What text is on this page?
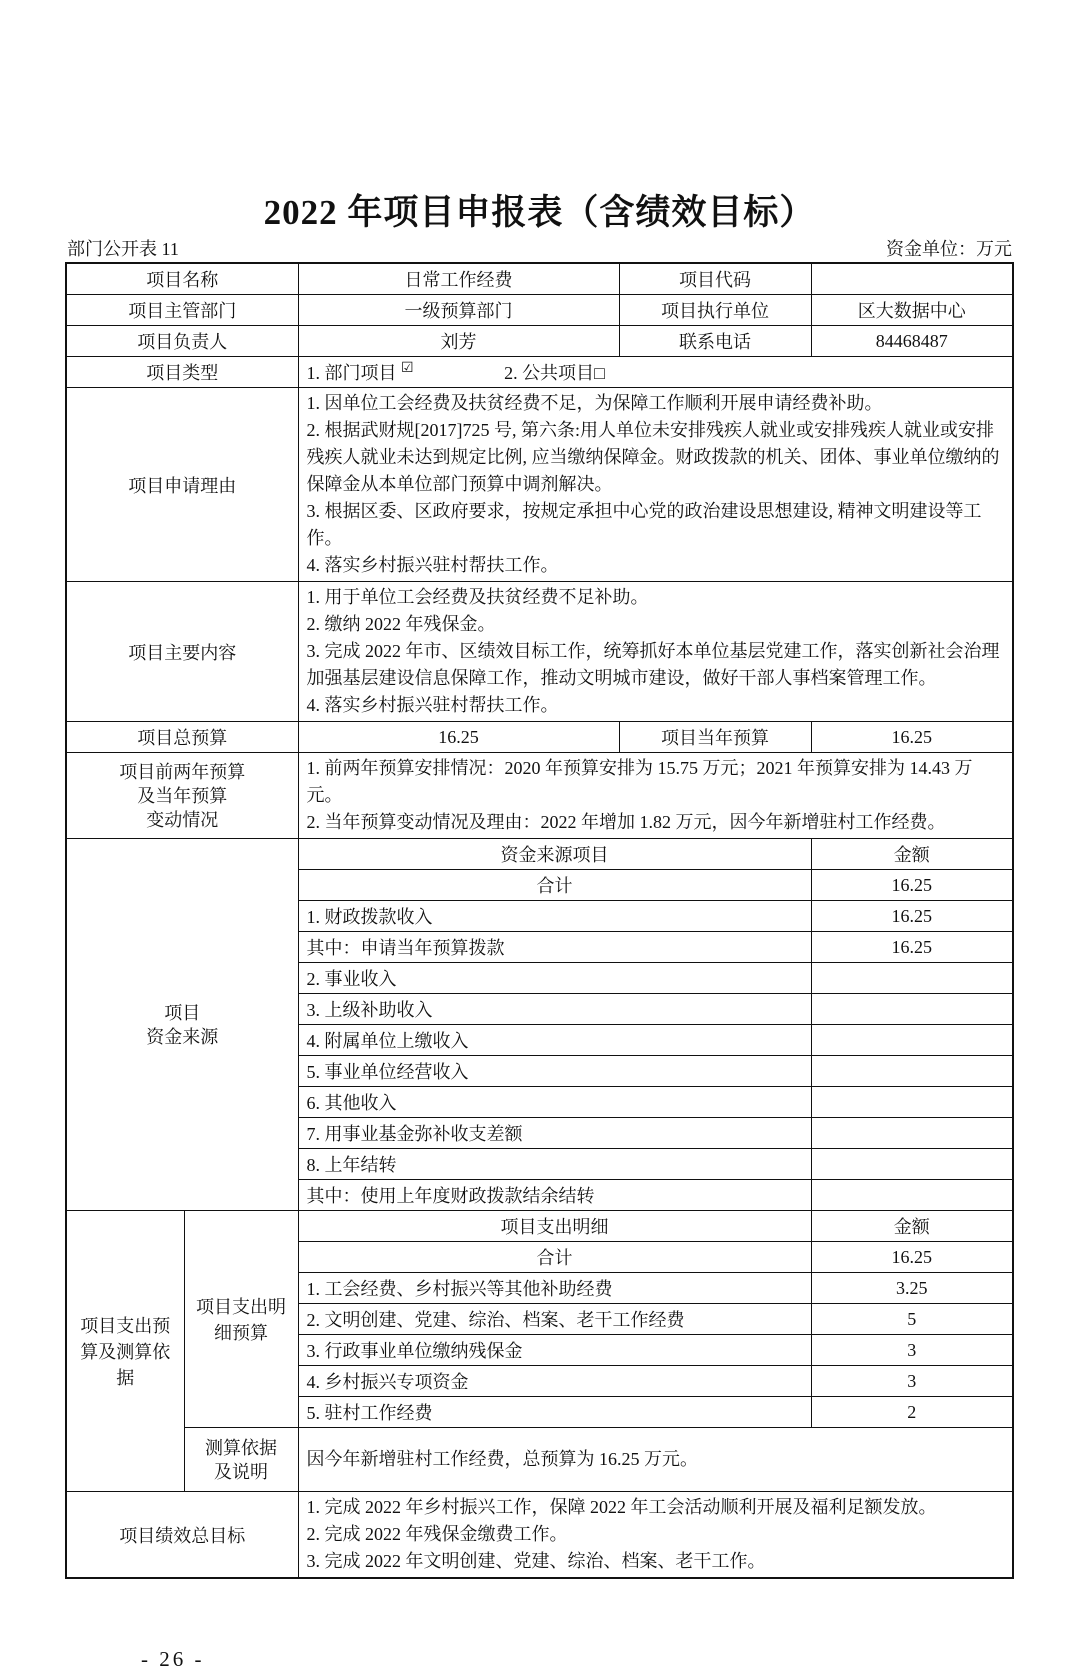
2022 年项目申报表（含绩效目标）
部门公开表 11	资金单位：万元
项目名称		日常工作经费	项目代码	
项目主管部门		一级预算部门	项目执行单位	区大数据中心
项目负责人		刘芳	联系电话	84468487
项目类型		1. 部门项目 ☑ 2. 公共项目□		
项目申请理由		1. 因单位工会经费及扶贫经费不足，为保障工作顺利开展申请经费补助。
2. 根据武财规[2017]725 号, 第六条:用人单位未安排残疾人就业或安排残疾人就业或安排残疾人就业未达到规定比例, 应当缴纳保障金。财政拨款的机关、团体、事业单位缴纳的保障金从本单位部门预算中调剂解决。
3. 根据区委、区政府要求，按规定承担中心党的政治建设思想建设, 精神文明建设等工作。
4. 落实乡村振兴驻村帮扶工作。		

项目主要内容		1. 用于单位工会经费及扶贫经费不足补助。
2. 缴纳 2022 年残保金。
3. 完成 2022 年市、区绩效目标工作，统筹抓好本单位基层党建工作，落实创新社会治理加强基层建设信息保障工作，推动文明城市建设，做好干部人事档案管理工作。
4. 落实乡村振兴驻村帮扶工作。		

项目总预算		16.25	项目当年预算	16.25

项目前两年预算
及当年预算
变动情况

1. 前两年预算安排情况：2020 年预算安排为 15.75 万元；2021 年预算安排为 14.43 万元。
2. 当年预算变动情况及理由：2022 年增加 1.82 万元，因今年新增驻村工作经费。

项目
资金来源		资金来源项目		金额
		合计		16.25
		1. 财政拨款收入		16.25
		其中：申请当年预算拨款		16.25
		2. 事业收入		
		3. 上级补助收入		
		4. 附属单位上缴收入		
		5. 事业单位经营收入		
		6. 其他收入		
		7. 用事业基金弥补收支差额		
		8. 上年结转		
		其中：使用上年度财政拨款结余结转		
项目支出预算及测算依据	项目支出明细预算	项目支出明细		金额
		合计		16.25
		1. 工会经费、乡村振兴等其他补助经费		3.25
		2. 文明创建、党建、综治、档案、老干工作经费		5
		3. 行政事业单位缴纳残保金		3
		4. 乡村振兴专项资金		3
		5. 驻村工作经费		2

	测算依据
及说明	因今年新增驻村工作经费，总预算为 16.25 万元。		

项目绩效总目标		1. 完成 2022 年乡村振兴工作，保障 2022 年工会活动顺利开展及福利足额发放。
2. 完成 2022 年残保金缴费工作。
3. 完成 2022 年文明创建、党建、综治、档案、老干工作。		
- 26 -
